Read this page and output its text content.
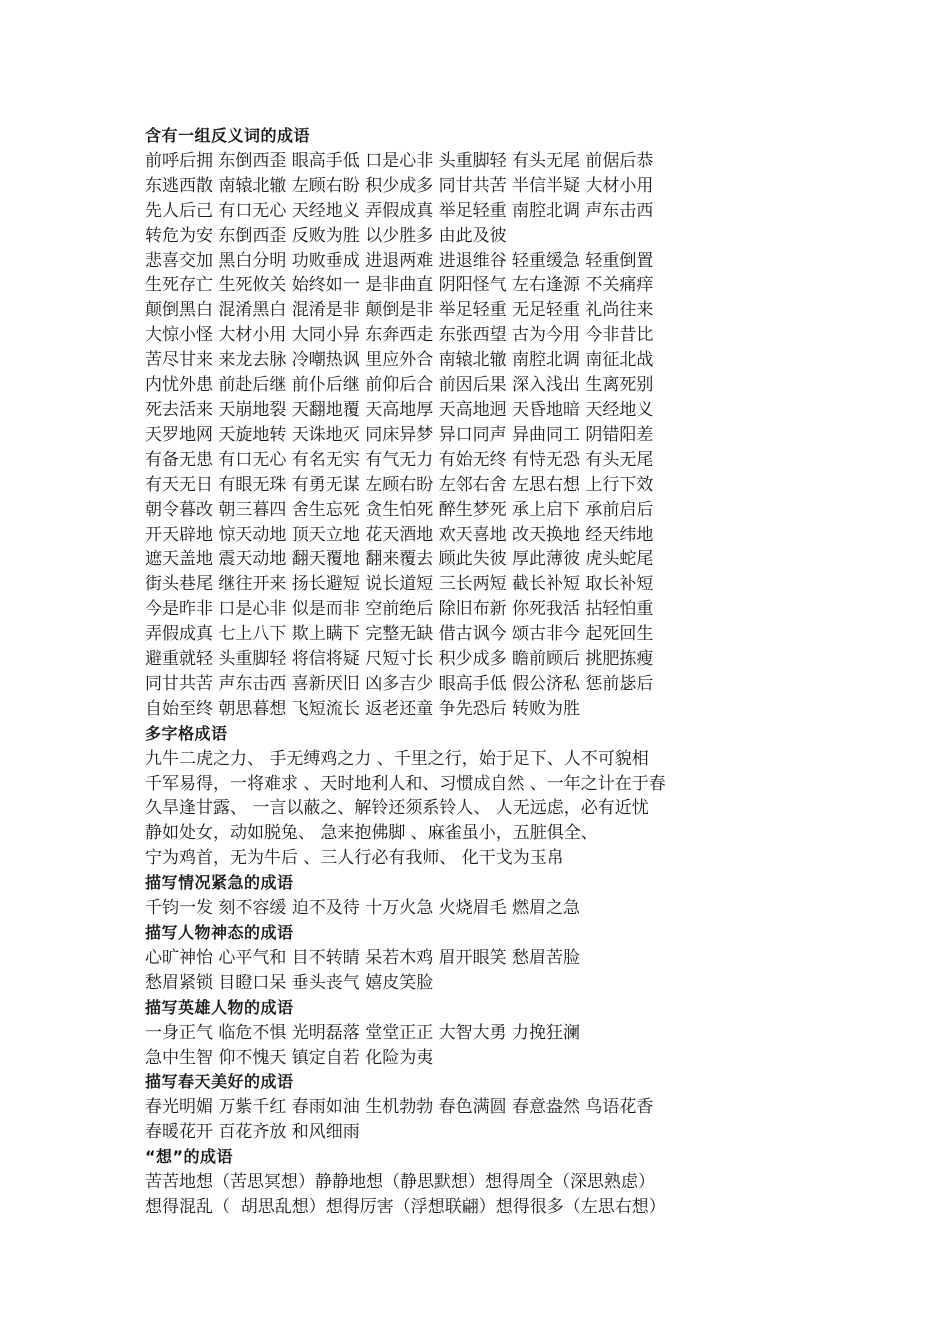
含有一组反义词的成语
前呼后拥 东倒西歪 眼高手低 口是心非 头重脚轻 有头无尾 前倨后恭
东逃西散 南辕北辙 左顾右盼 积少成多 同甘共苦 半信半疑 大材小用
先人后己 有口无心 天经地义 弄假成真 举足轻重 南腔北调 声东击西
转危为安 东倒西歪 反败为胜 以少胜多 由此及彼
悲喜交加 黑白分明 功败垂成 进退两难 进退维谷 轻重缓急 轻重倒置
生死存亡 生死攸关 始终如一 是非曲直 阴阳怪气 左右逢源 不关痛痒
颠倒黑白 混淆黑白 混淆是非 颠倒是非 举足轻重 无足轻重 礼尚往来
大惊小怪 大材小用 大同小异 东奔西走 东张西望 古为今用 今非昔比
苦尽甘来 来龙去脉 冷嘲热讽 里应外合 南辕北辙 南腔北调 南征北战
内忧外患 前赴后继 前仆后继 前仰后合 前因后果 深入浅出 生离死别
死去活来 天崩地裂 天翻地覆 天高地厚 天高地迥 天昏地暗 天经地义
天罗地网 天旋地转 天诛地灭 同床异梦 异口同声 异曲同工 阴错阳差
有备无患 有口无心 有名无实 有气无力 有始无终 有恃无恐 有头无尾
有天无日 有眼无珠 有勇无谋 左顾右盼 左邻右舍 左思右想 上行下效
朝令暮改 朝三暮四 舍生忘死 贪生怕死 醉生梦死 承上启下 承前启后
开天辟地 惊天动地 顶天立地 花天酒地 欢天喜地 改天换地 经天纬地
遮天盖地 震天动地 翻天覆地 翻来覆去 顾此失彼 厚此薄彼 虎头蛇尾
街头巷尾 继往开来 扬长避短 说长道短 三长两短 截长补短 取长补短
今是昨非 口是心非 似是而非 空前绝后 除旧布新 你死我活 拈轻怕重
弄假成真 七上八下 欺上瞒下 完整无缺 借古讽今 颂古非今 起死回生
避重就轻 头重脚轻 将信将疑 尺短寸长 积少成多 瞻前顾后 挑肥拣瘦
同甘共苦 声东击西 喜新厌旧 凶多吉少 眼高手低 假公济私 惩前毖后
自始至终 朝思暮想 飞短流长 返老还童 争先恐后 转败为胜
多字格成语
九牛二虎之力、 手无缚鸡之力 、千里之行，始于足下、人不可貌相
千军易得，一将难求 、天时地利人和、习惯成自然 、一年之计在于春
久旱逢甘露、 一言以蔽之、解铃还须系铃人、 人无远虑，必有近忧
静如处女，动如脱兔、 急来抱佛脚 、麻雀虽小，五脏俱全、
宁为鸡首，无为牛后 、三人行必有我师、 化干戈为玉帛
描写情况紧急的成语
千钧一发 刻不容缓 迫不及待 十万火急 火烧眉毛 燃眉之急
描写人物神态的成语
心旷神怡 心平气和 目不转睛 呆若木鸡 眉开眼笑 愁眉苦脸
愁眉紧锁 目瞪口呆 垂头丧气 嬉皮笑脸
描写英雄人物的成语
一身正气 临危不惧 光明磊落 堂堂正正 大智大勇 力挽狂澜
急中生智 仰不愧天 镇定自若 化险为夷
描写春天美好的成语
春光明媚 万紫千红 春雨如油 生机勃勃 春色满圆 春意盎然 鸟语花香
春暖花开 百花齐放 和风细雨
“想”的成语
苦苦地想（苦思冥想）静静地想（静思默想）想得周全（深思熟虑）
想得混乱（  胡思乱想）想得厉害（浮想联翩）想得很多（左思右想）
